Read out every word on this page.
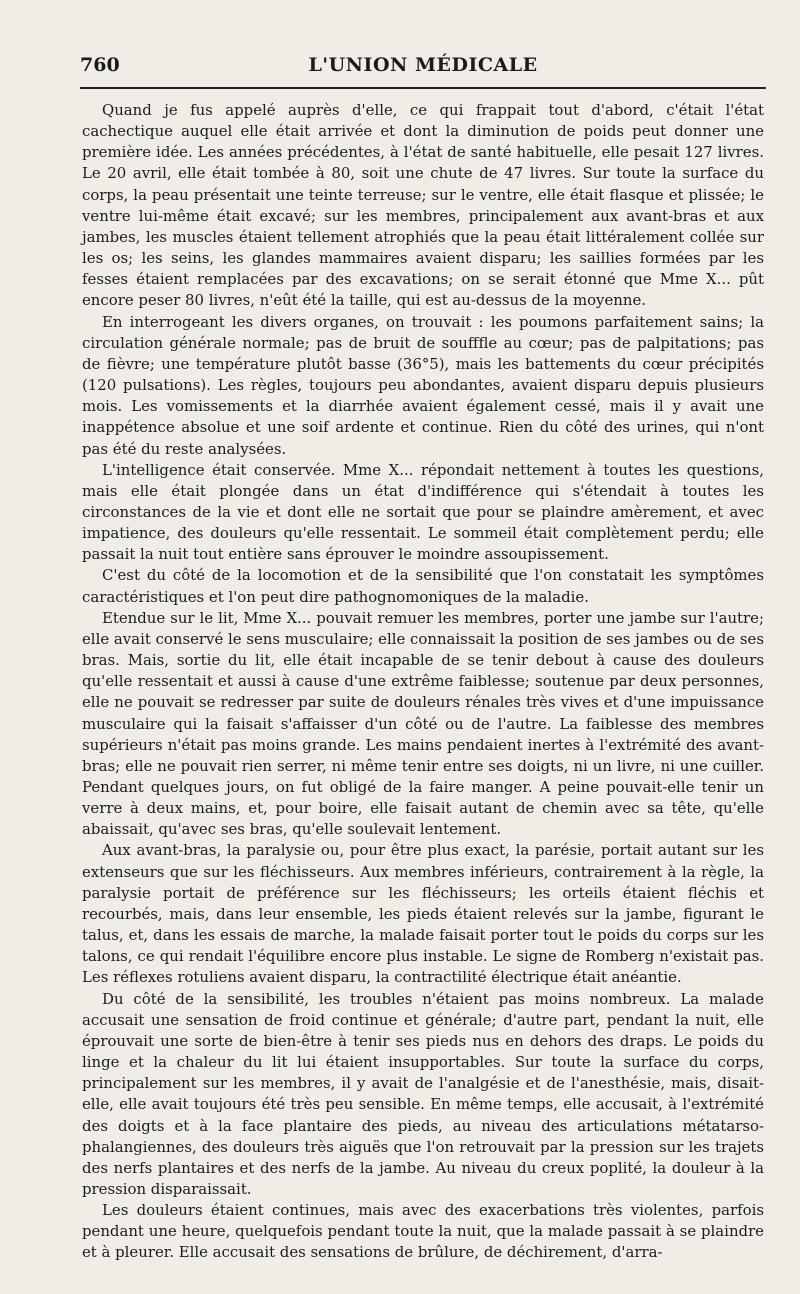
760	L'UNION MÉDICALE

Quand je fus appelé auprès d'elle, ce qui frappait tout d'abord, c'était l'état cachectique auquel elle était arrivée et dont la diminution de poids peut donner une première idée. Les années précédentes, à l'état de santé habituelle, elle pesait 127 livres. Le 20 avril, elle était tombée à 80, soit une chute de 47 livres. Sur toute la surface du corps, la peau présentait une teinte terreuse; sur le ventre, elle était flasque et plissée; le ventre lui-même était excavé; sur les membres, principalement aux avant-bras et aux jambes, les muscles étaient tellement atrophiés que la peau était littéralement collée sur les os; les seins, les glandes mammaires avaient disparu; les saillies formées par les fesses étaient remplacées par des excavations; on se serait étonné que Mme X... pût encore peser 80 livres, n'eût été la taille, qui est au-dessus de la moyenne.

En interrogeant les divers organes, on trouvait : les poumons parfaitement sains; la circulation générale normale; pas de bruit de soufffle au cœur; pas de palpitations; pas de fièvre; une température plutôt basse (36°5), mais les battements du cœur précipités (120 pulsations). Les règles, toujours peu abondantes, avaient disparu depuis plusieurs mois. Les vomissements et la diarrhée avaient également cessé, mais il y avait une inappétence absolue et une soif ardente et continue. Rien du côté des urines, qui n'ont pas été du reste analysées.

L'intelligence était conservée. Mme X... répondait nettement à toutes les questions, mais elle était plongée dans un état d'indifférence qui s'étendait à toutes les circonstances de la vie et dont elle ne sortait que pour se plaindre amèrement, et avec impatience, des douleurs qu'elle ressentait. Le sommeil était complètement perdu; elle passait la nuit tout entière sans éprouver le moindre assoupissement.

C'est du côté de la locomotion et de la sensibilité que l'on constatait les symptômes caractéristiques et l'on peut dire pathognomoniques de la maladie.

Etendue sur le lit, Mme X... pouvait remuer les membres, porter une jambe sur l'autre; elle avait conservé le sens musculaire; elle connaissait la position de ses jambes ou de ses bras. Mais, sortie du lit, elle était incapable de se tenir debout à cause des douleurs qu'elle ressentait et aussi à cause d'une extrême faiblesse; soutenue par deux personnes, elle ne pouvait se redresser par suite de douleurs rénales très vives et d'une impuissance musculaire qui la faisait s'affaisser d'un côté ou de l'autre. La faiblesse des membres supérieurs n'était pas moins grande. Les mains pendaient inertes à l'extrémité des avant-bras; elle ne pouvait rien serrer, ni même tenir entre ses doigts, ni un livre, ni une cuiller. Pendant quelques jours, on fut obligé de la faire manger. A peine pouvait-elle tenir un verre à deux mains, et, pour boire, elle faisait autant de chemin avec sa tête, qu'elle abaissait, qu'avec ses bras, qu'elle soulevait lentement.

Aux avant-bras, la paralysie ou, pour être plus exact, la parésie, portait autant sur les extenseurs que sur les fléchisseurs. Aux membres inférieurs, contrairement à la règle, la paralysie portait de préférence sur les fléchisseurs; les orteils étaient fléchis et recourbés, mais, dans leur ensemble, les pieds étaient relevés sur la jambe, figurant le talus, et, dans les essais de marche, la malade faisait porter tout le poids du corps sur les talons, ce qui rendait l'équilibre encore plus instable. Le signe de Romberg n'existait pas. Les réflexes rotuliens avaient disparu, la contractilité électrique était anéantie.

Du côté de la sensibilité, les troubles n'étaient pas moins nombreux. La malade accusait une sensation de froid continue et générale; d'autre part, pendant la nuit, elle éprouvait une sorte de bien-être à tenir ses pieds nus en dehors des draps. Le poids du linge et la chaleur du lit lui étaient insupportables. Sur toute la surface du corps, principalement sur les membres, il y avait de l'analgésie et de l'anesthésie, mais, disait-elle, elle avait toujours été très peu sensible. En même temps, elle accusait, à l'extrémité des doigts et à la face plantaire des pieds, au niveau des articulations métatarso-phalangiennes, des douleurs très aiguës que l'on retrouvait par la pression sur les trajets des nerfs plantaires et des nerfs de la jambe. Au niveau du creux poplité, la douleur à la pression disparaissait.

Les douleurs étaient continues, mais avec des exacerbations très violentes, parfois pendant une heure, quelquefois pendant toute la nuit, que la malade passait à se plaindre et à pleurer. Elle accusait des sensations de brûlure, de déchirement, d'arra-
